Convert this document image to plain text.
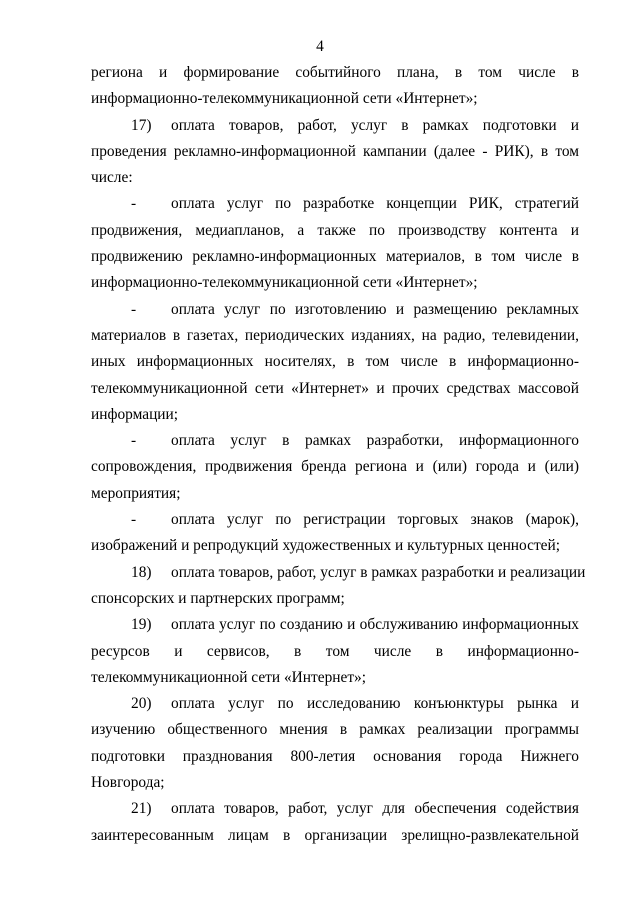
4
региона и формирование событийного плана, в том числе в
информационно-телекоммуникационной сети «Интернет»;
17) оплата товаров, работ, услуг в рамках подготовки и
проведения рекламно-информационной кампании (далее - РИК), в том
числе:
- оплата услуг по разработке концепции РИК, стратегий
продвижения, медиапланов, а также по производству контента и
продвижению рекламно-информационных материалов, в том числе в
информационно-телекоммуникационной сети «Интернет»;
- оплата услуг по изготовлению и размещению рекламных
материалов в газетах, периодических изданиях, на радио, телевидении,
иных информационных носителях, в том числе в информационно-
телекоммуникационной сети «Интернет» и прочих средствах массовой
информации;
- оплата услуг в рамках разработки, информационного
сопровождения, продвижения бренда региона и (или) города и (или)
мероприятия;
- оплата услуг по регистрации торговых знаков (марок),
изображений и репродукций художественных и культурных ценностей;
18) оплата товаров, работ, услуг в рамках разработки и реализации
спонсорских и партнерских программ;
19) оплата услуг по созданию и обслуживанию информационных
ресурсов и сервисов, в том числе в информационно-
телекоммуникационной сети «Интернет»;
20) оплата услуг по исследованию конъюнктуры рынка и
изучению общественного мнения в рамках реализации программы
подготовки празднования 800-летия основания города Нижнего
Новгорода;
21) оплата товаров, работ, услуг для обеспечения содействия
заинтересованным лицам в организации зрелищно-развлекательной
